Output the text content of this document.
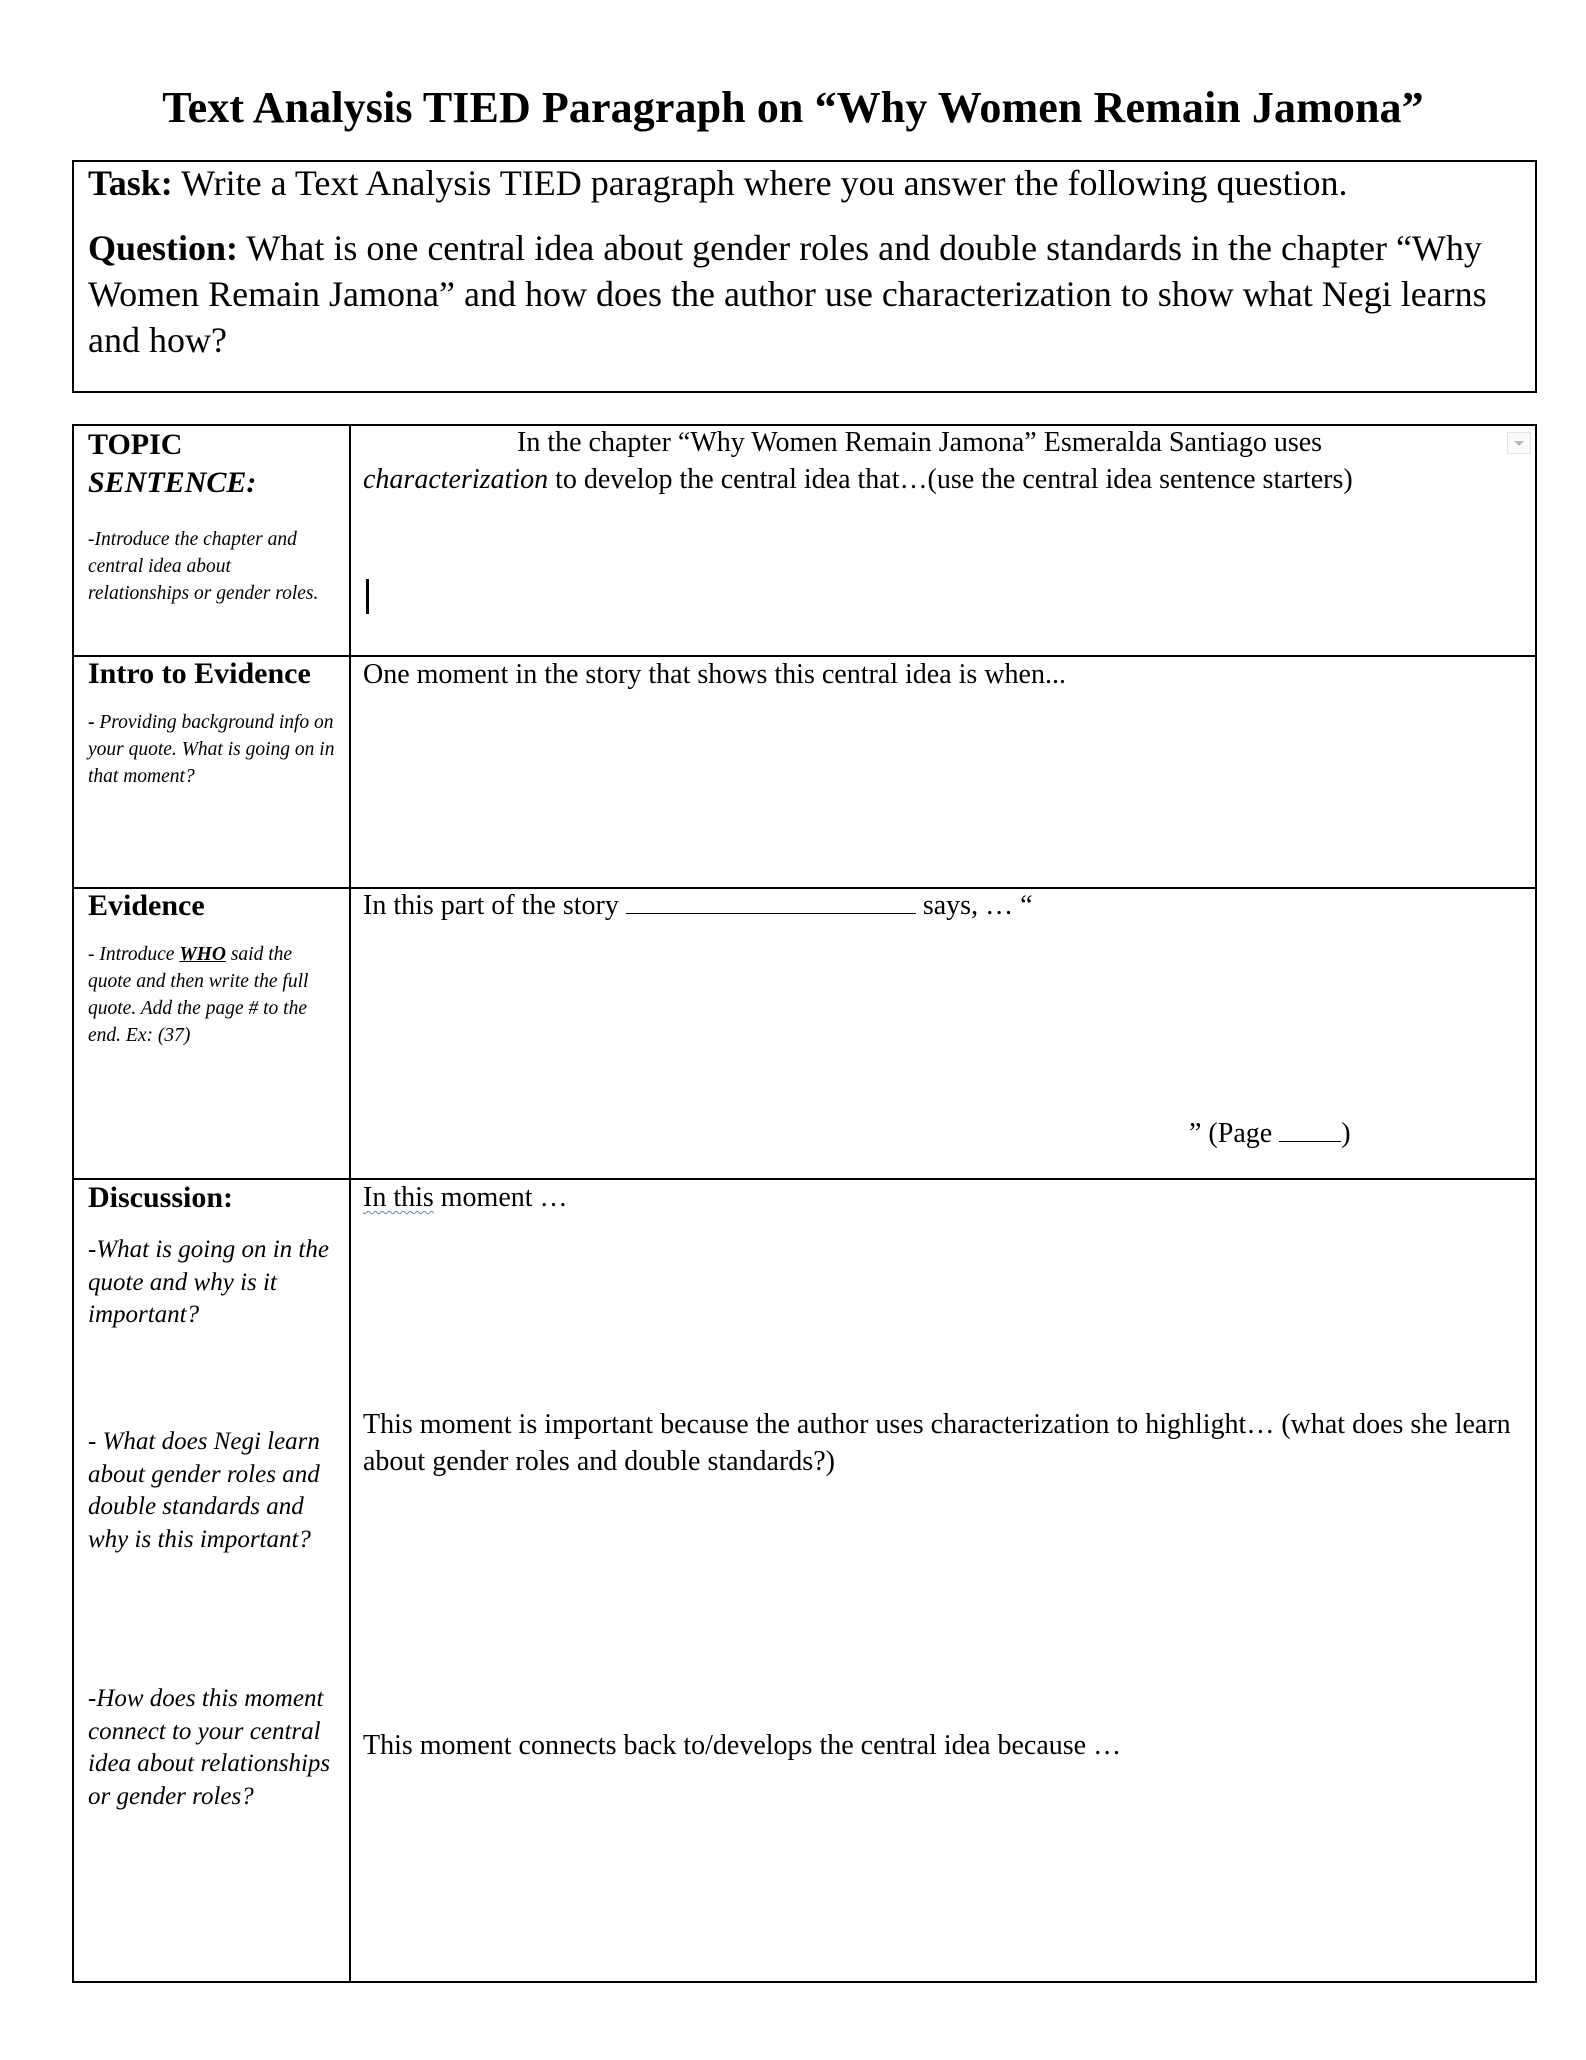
Text Analysis TIED Paragraph on “Why Women Remain Jamona”
Task: Write a Text Analysis TIED paragraph where you answer the following question.
Question: What is one central idea about gender roles and double standards in the chapter “Why Women Remain Jamona” and how does the author use characterization to show what Negi learns and how?
TOPIC
SENTENCE:
-Introduce the chapter and central idea about relationships or gender roles.
In the chapter “Why Women Remain Jamona” Esmeralda Santiago uses
characterization to develop the central idea that…(use the central idea sentence starters)
Intro to Evidence
- Providing background info on your quote. What is going on in that moment?
One moment in the story that shows this central idea is when...
Evidence
- Introduce WHO said the quote and then write the full quote. Add the page # to the end. Ex: (37)
In this part of the story	says, … “
” (Page )
Discussion:
-What is going on in the quote and why is it important?
- What does Negi learn about gender roles and double standards and why is this important?
-How does this moment connect to your central idea about relationships or gender roles?
In this moment …
This moment is important because the author uses characterization to highlight… (what does she learn about gender roles and double standards?)
This moment connects back to/develops the central idea because …
